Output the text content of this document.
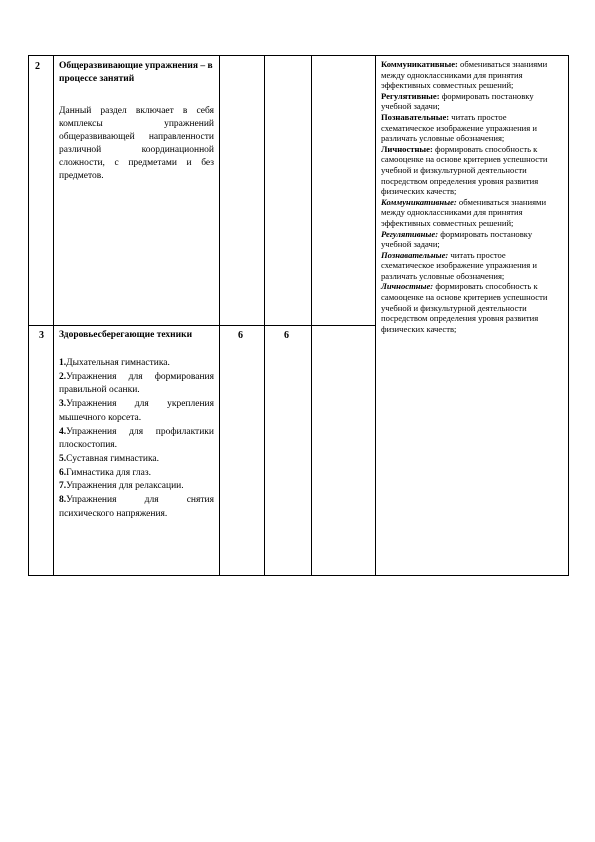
2 Общеразвивающие упражнения – в процессе занятий
Данный раздел включает в себя комплексы упражнений общеразвивающей направленности различной координационной сложности, с предметами и без предметов.
3 Здоровьесберегающие техники	6	6
1.Дыхательная гимнастика.
2.Упражнения для формирования правильной осанки.
3.Упражнения для укрепления мышечного корсета.
4.Упражнения для профилактики плоскостопия.
5.Суставная гимнастика.
6.Гимнастика для глаз.
7.Упражнения для релаксации.
8.Упражнения для снятия психического напряжения.
Коммуникативные: обмениваться знаниями между одноклассниками для принятия эффективных совместных решений;
Регулятивные: формировать постановку учебной задачи;
Познавательные: читать простое схематическое изображение упражнения и различать условные обозначения;
Личностные: формировать способность к самооценке на основе критериев успешности учебной и физкультурной деятельности посредством определения уровня развития физических качеств;
Коммуникативные: обмениваться знаниями между одноклассниками для принятия эффективных совместных решений;
Регулятивные: формировать постановку учебной задачи;
Познавательные: читать простое схематическое изображение упражнения и различать условные обозначения;
Личностные: формировать способность к самооценке на основе критериев успешности учебной и физкультурной деятельности посредством определения уровня развития физических качеств;
